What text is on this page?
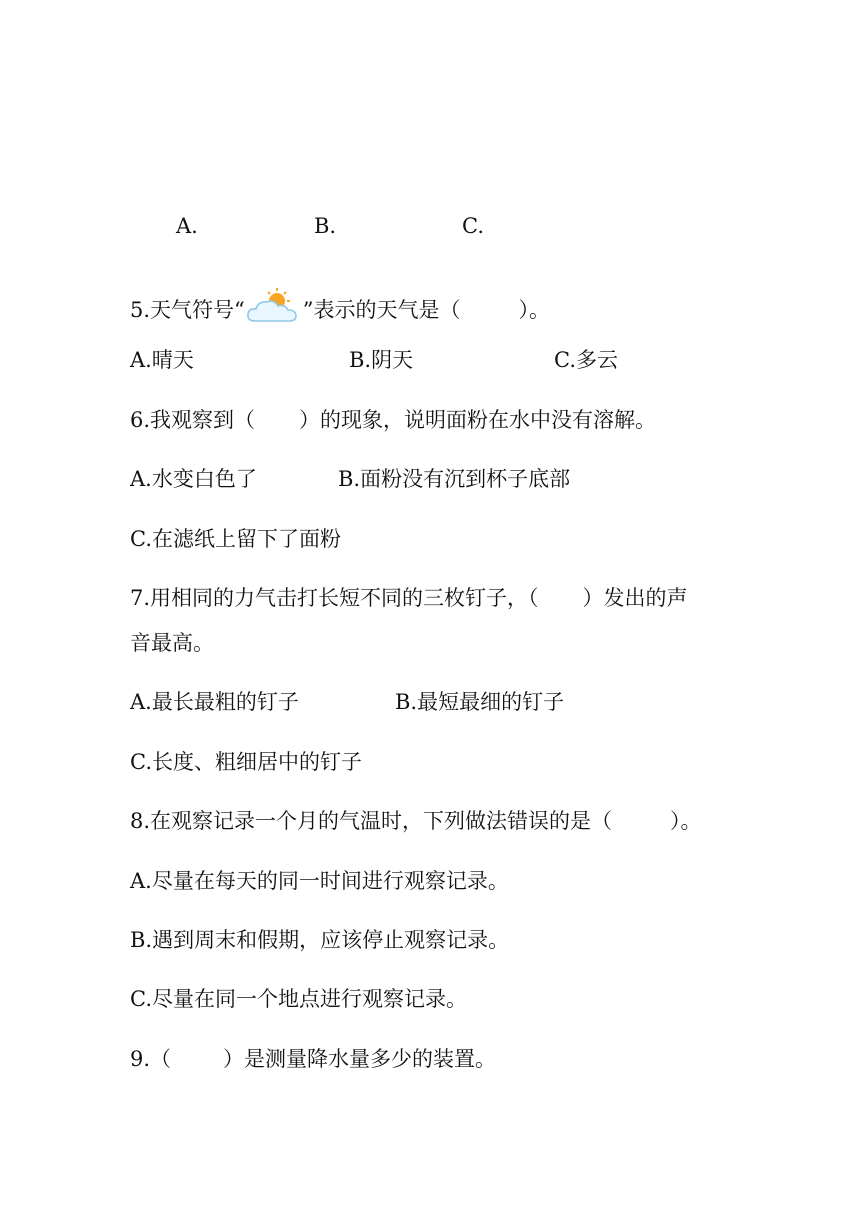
A.	B.	C.
5.天气符号“	”表示的天气是（	）。
A.晴天	B.阴天	C.多云
6.我观察到（ ）的现象，说明面粉在水中没有溶解。
A.水变白色了	B.面粉没有沉到杯子底部
C.在滤纸上留下了面粉
7.用相同的力气击打长短不同的三枚钉子，（ ）发出的声
音最高。
A.最长最粗的钉子	B.最短最细的钉子
C.长度、粗细居中的钉子
8.在观察记录一个月的气温时，下列做法错误的是（	）。
A.尽量在每天的同一时间进行观察记录。
B.遇到周末和假期，应该停止观察记录。
C.尽量在同一个地点进行观察记录。
9.（ ）是测量降水量多少的装置。
